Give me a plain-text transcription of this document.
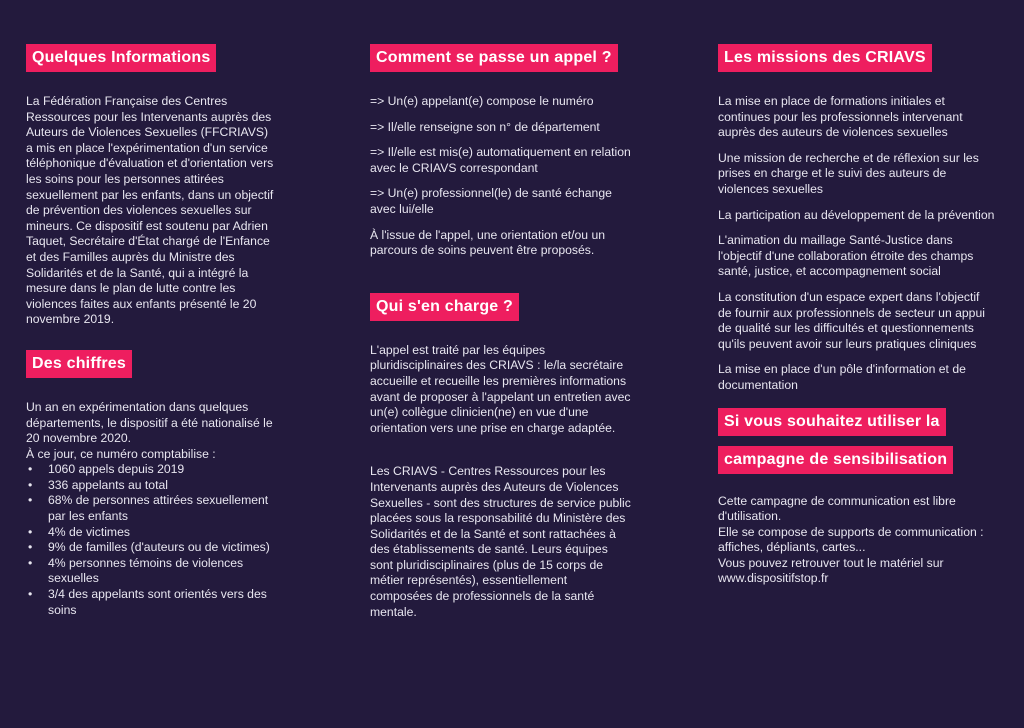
Quelques Informations

La Fédération Française des Centres Ressources pour les Intervenants auprès des Auteurs de Violences Sexuelles (FFCRIAVS) a mis en place l'expérimentation d'un service téléphonique d'évaluation et d'orientation vers les soins pour les personnes attirées sexuellement par les enfants, dans un objectif de prévention des violences sexuelles sur mineurs. Ce dispositif est soutenu par Adrien Taquet, Secrétaire d'État chargé de l'Enfance et des Familles auprès du Ministre des Solidarités et de la Santé, qui a intégré la mesure dans le plan de lutte contre les violences faites aux enfants présenté le 20 novembre 2019.

Des chiffres

Un an en expérimentation dans quelques départements, le dispositif a été nationalisé le 20 novembre 2020.

À ce jour, ce numéro comptabilise :

• 1060 appels depuis 2019
• 336 appelants au total
• 68% de personnes attirées sexuellement par les enfants
• 4% de victimes
• 9% de familles (d'auteurs ou de victimes)
• 4% personnes témoins de violences sexuelles
• 3/4 des appelants sont orientés vers des soins
Comment se passe un appel ?

=> Un(e) appelant(e) compose le numéro

=> Il/elle renseigne son n° de département

=> Il/elle est mis(e) automatiquement en relation avec le CRIAVS correspondant

=> Un(e) professionnel(le) de santé échange avec lui/elle

À l'issue de l'appel, une orientation et/ou un parcours de soins peuvent être proposés.

Qui s'en charge ?

L'appel est traité par les équipes pluridisciplinaires des CRIAVS : le/la secrétaire accueille et recueille les premières informations avant de proposer à l'appelant un entretien avec un(e) collègue clinicien(ne) en vue d'une orientation vers une prise en charge adaptée.

Les CRIAVS - Centres Ressources pour les Intervenants auprès des Auteurs de Violences Sexuelles - sont des structures de service public placées sous la responsabilité du Ministère des Solidarités et de la Santé et sont rattachées à des établissements de santé. Leurs équipes sont pluridisciplinaires (plus de 15 corps de métier représentés), essentiellement composées de professionnels de la santé mentale.

Les missions des CRIAVS

La mise en place de formations initiales et continues pour les professionnels intervenant auprès des auteurs de violences sexuelles

Une mission de recherche et de réflexion sur les prises en charge et le suivi des auteurs de violences sexuelles

La participation au développement de la prévention

L'animation du maillage Santé-Justice dans l'objectif d'une collaboration étroite des champs santé, justice, et accompagnement social

La constitution d'un espace expert dans l'objectif de fournir aux professionnels de secteur un appui de qualité sur les difficultés et questionnements qu'ils peuvent avoir sur leurs pratiques cliniques

La mise en place d'un pôle d'information et de documentation

Si vous souhaitez utiliser la
campagne de sensibilisation

Cette campagne de communication est libre d'utilisation.

Elle se compose de supports de communication : affiches, dépliants, cartes...

Vous pouvez retrouver tout le matériel sur

www.dispositifstop.fr
